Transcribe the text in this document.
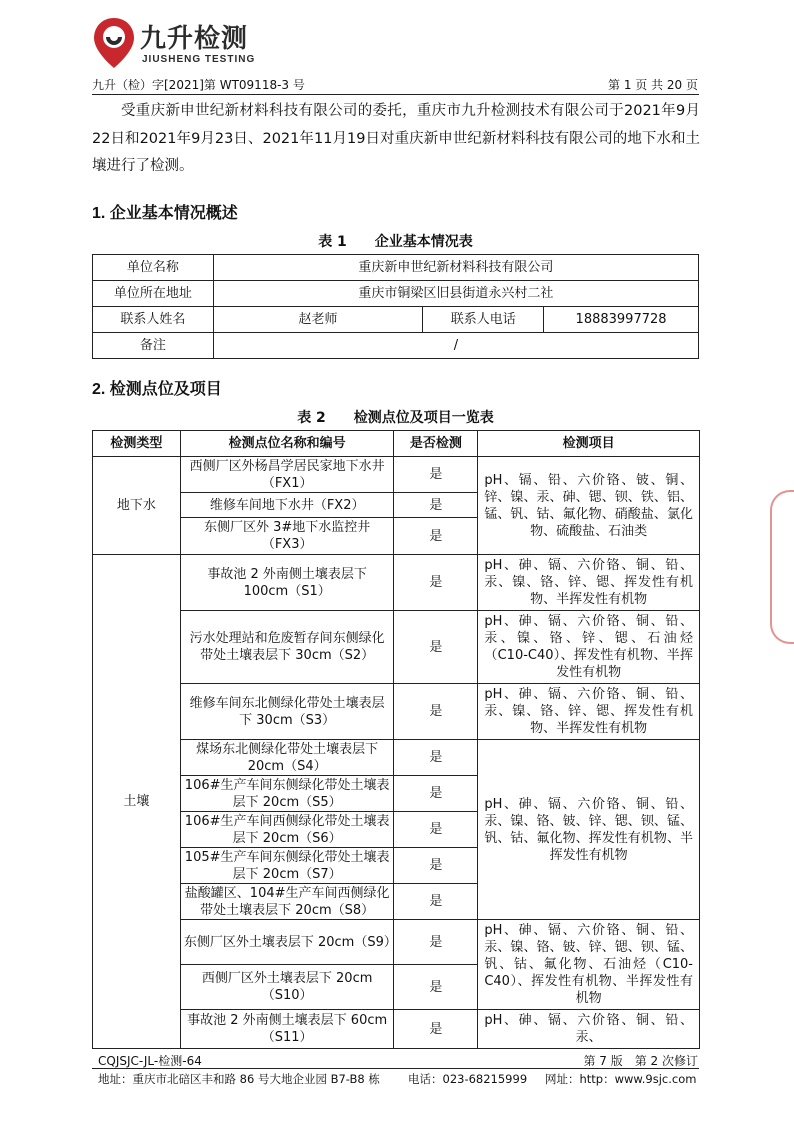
九升检测
JIUSHENG TESTING
九升（检）字[2021]第 WT09118-3 号	第 1 页 共 20 页
受重庆新申世纪新材料科技有限公司的委托，重庆市九升检测技术有限公司于2021年9月22日和2021年9月23日、2021年11月19日对重庆新申世纪新材料科技有限公司的地下水和土壤进行了检测。
1. 企业基本情况概述
表 1　　企业基本情况表
单位名称	重庆新申世纪新材料科技有限公司		
单位所在地址	重庆市铜梁区旧县街道永兴村二社		
联系人姓名	赵老师	联系人电话	18883997728
备注	/		
2. 检测点位及项目
表 2　　检测点位及项目一览表
检测类型	检测点位名称和编号	是否检测	检测项目
地下水	西侧厂区外杨昌学居民家地下水井（FX1）	是	pH、镉、铅、六价铬、铍、铜、锌、镍、汞、砷、锶、钡、铁、铝、锰、钒、钴、氟化物、硝酸盐、氯化物、硫酸盐、石油类
	维修车间地下水井（FX2）	是	
	东侧厂区外 3#地下水监控井（FX3）	是	
土壤	事故池 2 外南侧土壤表层下 100cm（S1）	是	pH、砷、镉、六价铬、铜、铅、汞、镍、铬、锌、锶、挥发性有机物、半挥发性有机物
	污水处理站和危废暂存间东侧绿化带处土壤表层下 30cm（S2）	是	pH、砷、镉、六价铬、铜、铅、汞、镍、铬、锌、锶、石油烃（C10-C40）、挥发性有机物、半挥发性有机物
	维修车间东北侧绿化带处土壤表层下 30cm（S3）	是	pH、砷、镉、六价铬、铜、铅、汞、镍、铬、锌、锶、挥发性有机物、半挥发性有机物
	煤场东北侧绿化带处土壤表层下 20cm（S4）	是	pH、砷、镉、六价铬、铜、铅、汞、镍、铬、铍、锌、锶、钡、锰、钒、钴、氟化物、挥发性有机物、半挥发性有机物
	106#生产车间东侧绿化带处土壤表层下 20cm（S5）	是	
	106#生产车间西侧绿化带处土壤表层下 20cm（S6）	是	
	105#生产车间东侧绿化带处土壤表层下 20cm（S7）	是	
	盐酸罐区、104#生产车间西侧绿化带处土壤表层下 20cm（S8）	是	
	东侧厂区外土壤表层下 20cm（S9）	是	pH、砷、镉、六价铬、铜、铅、汞、镍、铬、铍、锌、锶、钡、锰、钒、钴、氟化物、石油烃（C10-C40）、挥发性有机物、半挥发性有机物
	西侧厂区外土壤表层下 20cm（S10）	是	
	事故池 2 外南侧土壤表层下 60cm（S11）	是	pH、砷、镉、六价铬、铜、铅、汞、
CQJSJC-JL-检测-64	第 7 版　第 2 次修订
地址：重庆市北碚区丰和路 86 号大地企业园 B7-B8 栋 电话：023-68215999 网址：http：www.9sjc.com
